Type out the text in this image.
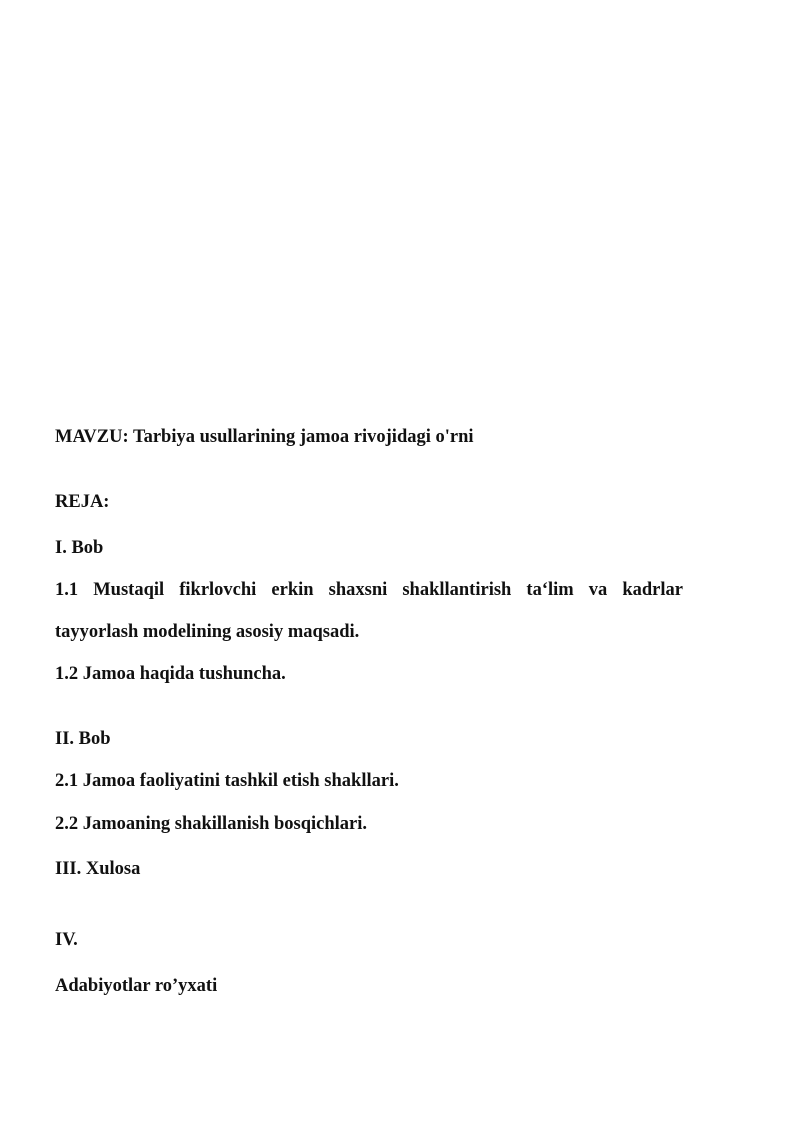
MAVZU: Tarbiya usullarining jamoa rivojidagi o'rni
REJA:
I. Bob
1.1 Mustaqil fikrlovchi erkin shaxsni shakllantirish ta‘lim va kadrlar
tayyorlash modelining asosiy maqsadi.
1.2 Jamoa haqida tushuncha.
II. Bob
2.1 Jamoa faoliyatini tashkil etish shakllari.
2.2 Jamoaning shakillanish bosqichlari.
III. Xulosa
IV.
Adabiyotlar ro’yxati
